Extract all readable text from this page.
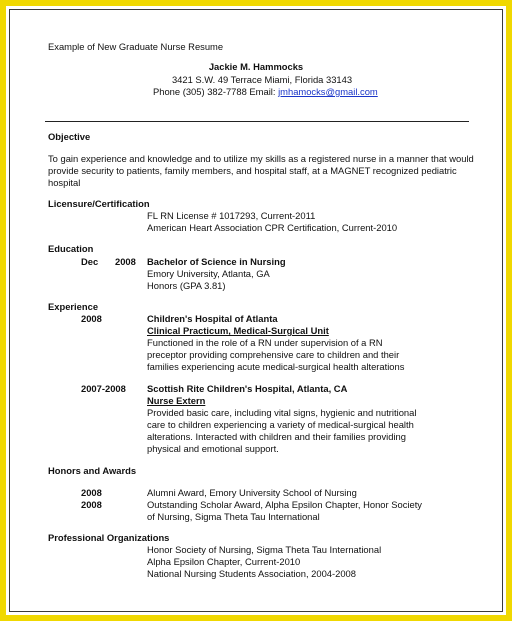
Example of New Graduate Nurse Resume
Jackie M. Hammocks
3421 S.W. 49 Terrace Miami, Florida 33143
Phone (305) 382-7788 Email: jmhamocks@gmail.com
Objective
To gain experience and knowledge and to utilize my skills as a registered nurse in a manner that would
provide security to patients, family members, and hospital staff, at a MAGNET recognized pediatric
hospital
Licensure/Certification
FL RN License # 1017293, Current-2011
American Heart Association CPR Certification, Current-2010
Education
Dec 2008 Bachelor of Science in Nursing
Emory University, Atlanta, GA
Honors (GPA 3.81)
Experience
2008	Children's Hospital of Atlanta
Clinical Practicum, Medical-Surgical Unit
Functioned in the role of a RN under supervision of a RN
preceptor providing comprehensive care to children and their
families experiencing acute medical-surgical health alterations
2007-2008 Scottish Rite Children's Hospital, Atlanta, CA
Nurse Extern
Provided basic care, including vital signs, hygienic and nutritional
care to children experiencing a variety of medical-surgical health
alterations. Interacted with children and their families providing
physical and emotional support.
Honors and Awards
2008	Alumni Award, Emory University School of Nursing
2008	Outstanding Scholar Award, Alpha Epsilon Chapter, Honor Society
of Nursing, Sigma Theta Tau International
Professional Organizations
Honor Society of Nursing, Sigma Theta Tau International
Alpha Epsilon Chapter, Current-2010
National Nursing Students Association, 2004-2008
